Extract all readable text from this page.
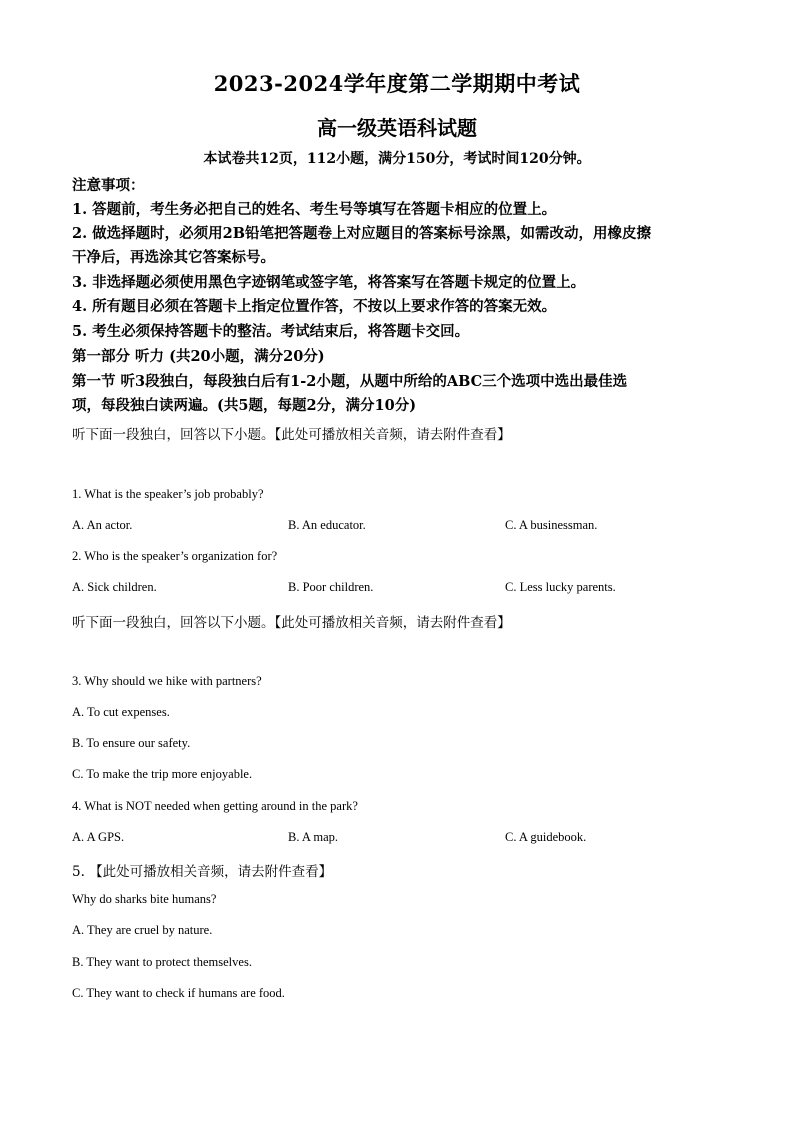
2023-2024学年度第二学期期中考试
高一级英语科试题
本试卷共12页，112小题，满分150分，考试时间120分钟。
注意事项：
1. 答题前，考生务必把自己的姓名、考生号等填写在答题卡相应的位置上。
2. 做选择题时，必须用2B铅笔把答题卷上对应题目的答案标号涂黑，如需改动，用橡皮擦
干净后，再选涂其它答案标号。
3. 非选择题必须使用黑色字迹钢笔或签字笔，将答案写在答题卡规定的位置上。
4. 所有题目必须在答题卡上指定位置作答，不按以上要求作答的答案无效。
5. 考生必须保持答题卡的整洁。考试结束后，将答题卡交回。
第一部分 听力 (共20小题，满分20分)
第一节 听3段独白，每段独白后有1-2小题，从题中所给的ABC三个选项中选出最佳选
项，每段独白读两遍。(共5题，每题2分，满分10分)
听下面一段独白，回答以下小题。【此处可播放相关音频，请去附件查看】
1. What is the speaker’s job probably?
A. An actor.	B. An educator.	C. A businessman.
2. Who is the speaker’s organization for?
A. Sick children.	B. Poor children.	C. Less lucky parents.
听下面一段独白，回答以下小题。【此处可播放相关音频，请去附件查看】
3. Why should we hike with partners?
A. To cut expenses.
B. To ensure our safety.
C. To make the trip more enjoyable.
4. What is NOT needed when getting around in the park?
A. A GPS.	B. A map.	C. A guidebook.
5. 【此处可播放相关音频，请去附件查看】
Why do sharks bite humans?
A. They are cruel by nature.
B. They want to protect themselves.
C. They want to check if humans are food.
